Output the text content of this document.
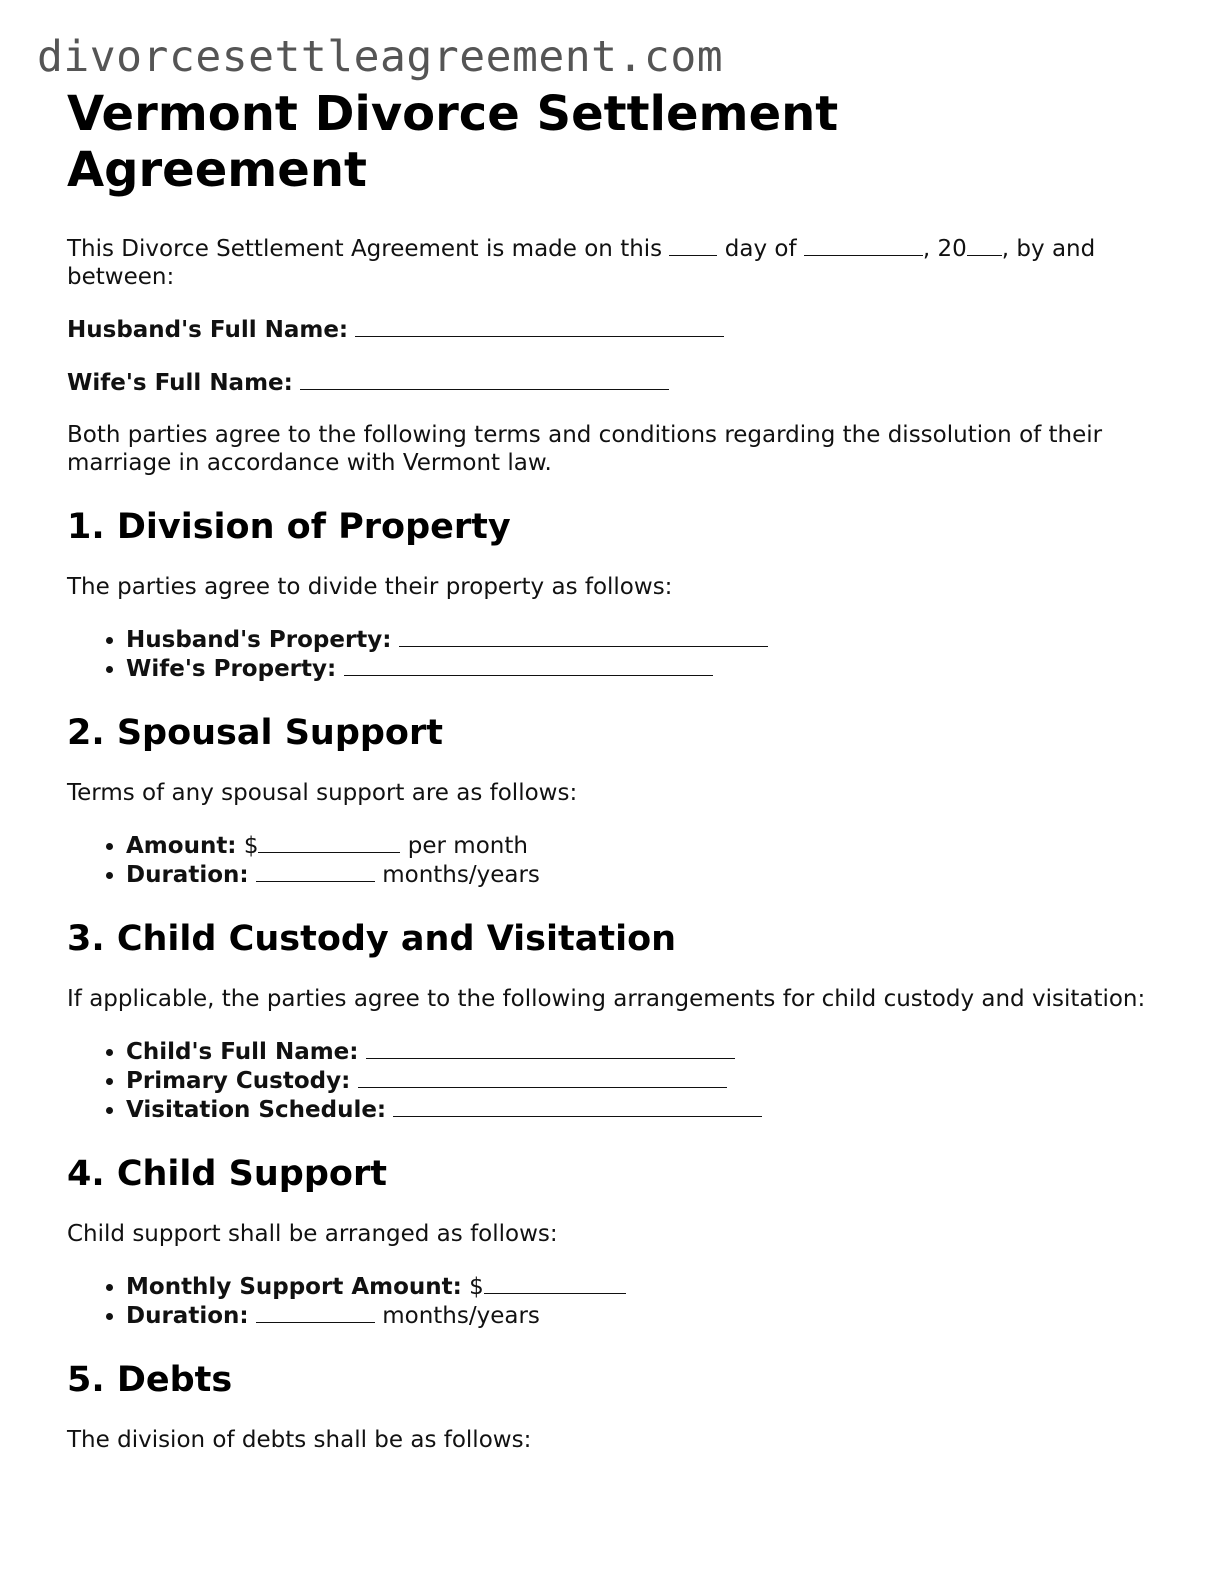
divorcesettleagreement.com
Vermont Divorce Settlement Agreement

This Divorce Settlement Agreement is made on this	day of	, 20 , by and between:

Husband's Full Name:

Wife's Full Name:

Both parties agree to the following terms and conditions regarding the dissolution of their marriage in accordance with Vermont law.

1. Division of Property

The parties agree to divide their property as follows:

• Husband's Property:
• Wife's Property:
2. Spousal Support

Terms of any spousal support are as follows:

• Amount: $	per month
• Duration:	months/years
3. Child Custody and Visitation

If applicable, the parties agree to the following arrangements for child custody and visitation:

• Child's Full Name:
• Primary Custody:
• Visitation Schedule:
4. Child Support

Child support shall be arranged as follows:

• Monthly Support Amount: $
• Duration:	months/years
5. Debts

The division of debts shall be as follows:
